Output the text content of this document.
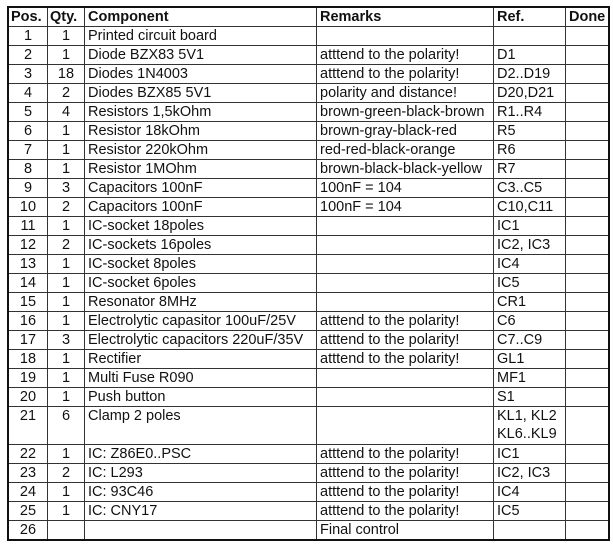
Pos.	Qty.	Component	Remarks	Ref.	Done
1	1	Printed circuit board			
2	1	Diode BZX83 5V1	atttend to the polarity!	D1	
3	18	Diodes 1N4003	atttend to the polarity!	D2..D19	
4	2	Diodes BZX85 5V1	polarity and distance!	D20,D21	
5	4	Resistors 1,5kOhm	brown-green-black-brown	R1..R4	
6	1	Resistor 18kOhm	brown-gray-black-red	R5	
7	1	Resistor 220kOhm	red-red-black-orange	R6	
8	1	Resistor 1MOhm	brown-black-black-yellow	R7	
9	3	Capacitors 100nF	100nF = 104	C3..C5	
10	2	Capacitors 100nF	100nF = 104	C10,C11	
11	1	IC-socket 18poles		IC1	
12	2	IC-sockets 16poles		IC2, IC3	
13	1	IC-socket 8poles		IC4	
14	1	IC-socket 6poles		IC5	
15	1	Resonator 8MHz		CR1	
16	1	Electrolytic capasitor 100uF/25V	atttend to the polarity!	C6	
17	3	Electrolytic capacitors 220uF/35V	atttend to the polarity!	C7..C9	
18	1	Rectifier	atttend to the polarity!	GL1	
19	1	Multi Fuse R090		MF1	
20	1	Push button		S1	
21	6	Clamp 2 poles		KL1, KL2
KL6..KL9	

22	1	IC: Z86E0..PSC	atttend to the polarity!	IC1	
23	2	IC: L293	atttend to the polarity!	IC2, IC3	
24	1	IC: 93C46	atttend to the polarity!	IC4	
25	1	IC: CNY17	atttend to the polarity!	IC5	
26			Final control		
